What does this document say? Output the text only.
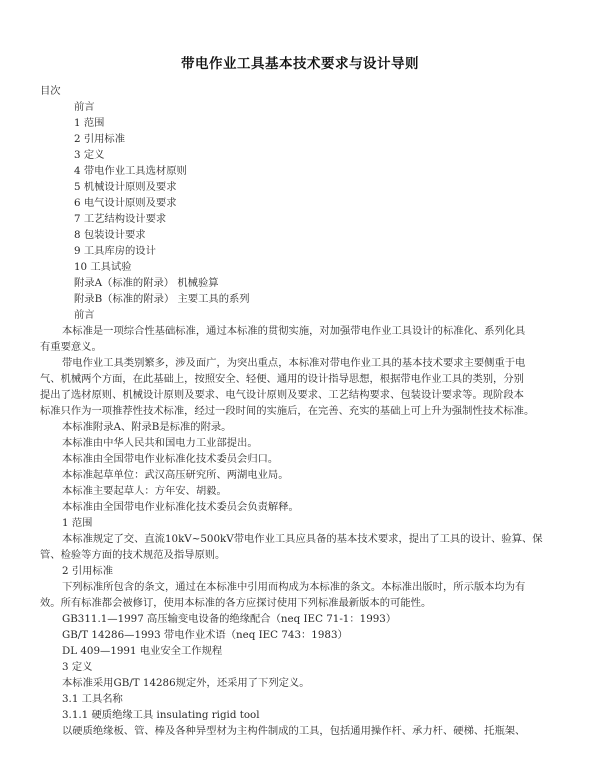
带电作业工具基本技术要求与设计导则
目次
前言
1 范围
2 引用标准
3 定义
4 带电作业工具选材原则
5 机械设计原则及要求
6 电气设计原则及要求
7 工艺结构设计要求
8 包装设计要求
9 工具库房的设计
10 工具试验
附录A（标准的附录） 机械验算
附录B（标准的附录） 主要工具的系列
前言
本标准是一项综合性基础标准，通过本标准的贯彻实施，对加强带电作业工具设计的标准化、系列化具
有重要意义。
带电作业工具类别繁多，涉及面广，为突出重点，本标准对带电作业工具的基本技术要求主要侧重于电
气、机械两个方面，在此基础上，按照安全、轻便、通用的设计指导思想，根据带电作业工具的类别，分别
提出了选材原则、机械设计原则及要求、电气设计原则及要求、工艺结构要求、包装设计要求等。现阶段本
标准只作为一项推荐性技术标准，经过一段时间的实施后，在完善、充实的基础上可上升为强制性技术标准。
本标准附录A、附录B是标准的附录。
本标准由中华人民共和国电力工业部提出。
本标准由全国带电作业标准化技术委员会归口。
本标准起草单位：武汉高压研究所、两湖电业局。
本标准主要起草人：方年安、胡毅。
本标准由全国带电作业标准化技术委员会负责解释。
1 范围
本标准规定了交、直流10kV~500kV带电作业工具应具备的基本技术要求，提出了工具的设计、验算、保
管、检验等方面的技术规范及指导原则。
2 引用标准
下列标准所包含的条文，通过在本标准中引用而构成为本标准的条文。本标准出版时，所示版本均为有
效。所有标准都会被修订，使用本标准的各方应探讨使用下列标准最新版本的可能性。
GB311.1—1997 高压输变电设备的绝缘配合（neq IEC 71-1：1993）
GB/T 14286—1993 带电作业术语（neq IEC 743：1983）
DL 409—1991 电业安全工作规程
3 定义
本标准采用GB/T 14286规定外，还采用了下列定义。
3.1 工具名称
3.1.1 硬质绝缘工具 insulating rigid tool
以硬质绝缘板、管、棒及各种异型材为主构件制成的工具，包括通用操作杆、承力杆、硬梯、托瓶架、
